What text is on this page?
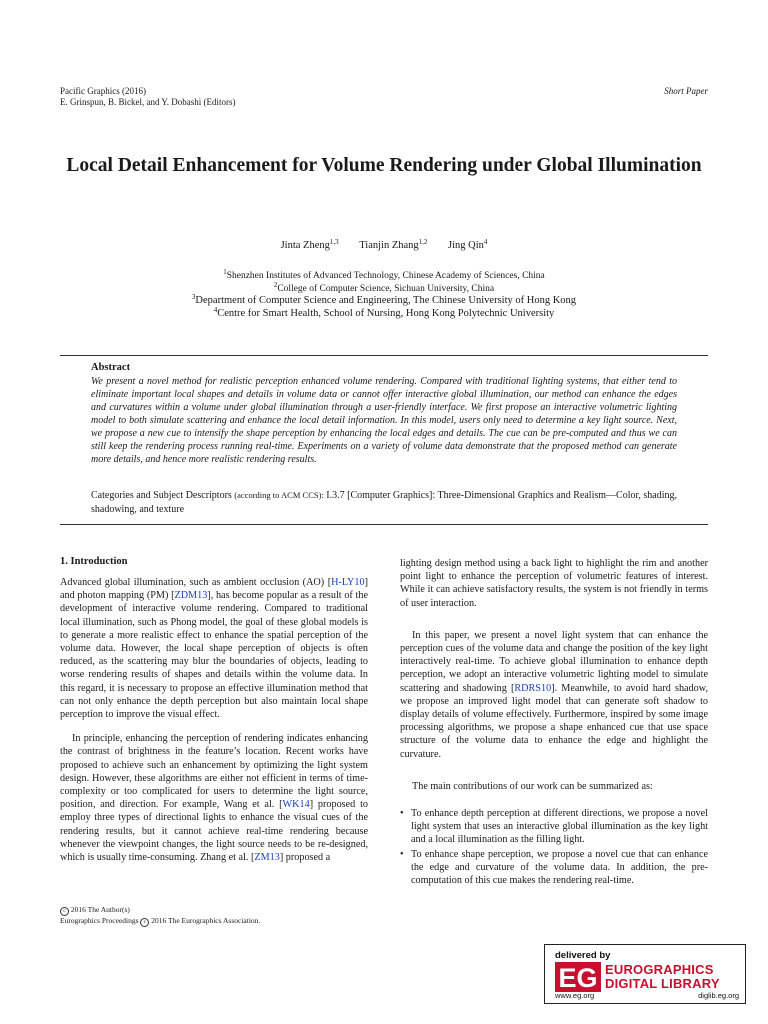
Pacific Graphics (2016)
E. Grinspun, B. Bickel, and Y. Dobashi (Editors)
Short Paper
Local Detail Enhancement for Volume Rendering under Global Illumination
Jinta Zheng$^{1,3}$ Tianjin Zhang$^{1,2}$ Jing Qin$^4$
$^1$Shenzhen Institutes of Advanced Technology, Chinese Academy of Sciences, China
$^2$College of Computer Science, Sichuan University, China
$^3$Department of Computer Science and Engineering, The Chinese University of Hong Kong
$^4$Centre for Smart Health, School of Nursing, Hong Kong Polytechnic University
Abstract
We present a novel method for realistic perception enhanced volume rendering. Compared with traditional lighting systems, that either tend to eliminate important local shapes and details in volume data or cannot offer interactive global illumination, our method can enhance the edges and curvatures within a volume under global illumination through a user-friendly interface. We first propose an interactive volumetric lighting model to both simulate scattering and enhance the local detail information. In this model, users only need to determine a key light source. Next, we propose a new cue to intensify the shape perception by enhancing the local edges and details. The cue can be pre-computed and thus we can still keep the rendering process running real-time. Experiments on a variety of volume data demonstrate that the proposed method can generate more details, and hence more realistic rendering results.
Categories and Subject Descriptors (according to ACM CCS): I.3.7 [Computer Graphics]: Three-Dimensional Graphics and Realism—Color, shading, shadowing, and texture
1. Introduction

Advanced global illumination, such as ambient occlusion (AO) [H-LY10] and photon mapping (PM) [ZDM13], has become popular as a result of the development of interactive volume rendering. Compared to traditional local illumination, such as Phong model, the goal of these global models is to generate a more realistic effect to enhance the spatial perception of the volume data. However, the local shape perception of objects is often reduced, as the scattering may blur the boundaries of objects, leading to worse rendering results of shapes and details within the volume data. In this regard, it is necessary to propose an effective illumination method that can not only enhance the depth perception but also maintain local shape perception to improve the visual effect.

In principle, enhancing the perception of rendering indicates enhancing the contrast of brightness in the feature’s location. Recent works have proposed to achieve such an enhancement by optimizing the light system design. However, these algorithms are either not efficient in terms of time-complexity or too complicated for users to determine the light source, position, and direction. For example, Wang et al. [WK14] proposed to employ three types of directional lights to enhance the visual cues of the rendering results, but it cannot achieve real-time rendering because whenever the viewpoint changes, the light source needs to be re-designed, which is usually time-consuming. Zhang et al. [ZM13] proposed a

lighting design method using a back light to highlight the rim and another point light to enhance the perception of volumetric features of interest. While it can achieve satisfactory results, the system is not friendly in terms of user interaction.

In this paper, we present a novel light system that can enhance the perception cues of the volume data and change the position of the key light interactively real-time. To achieve global illumination to enhance depth perception, we adopt an interactive volumetric lighting model to simulate scattering and shadowing [RDRS10]. Meanwhile, to avoid hard shadow, we propose an improved light model that can generate soft shadow to display details of volume effectively. Furthermore, inspired by some image processing algorithms, we propose a shape enhanced cue that use space structure of the volume data to enhance the edge and highlight the curvature.

The main contributions of our work can be summarized as:

• To enhance depth perception at different directions, we propose a novel light system that uses an interactive global illumination as the key light and a local illumination as the filling light.
• To enhance shape perception, we propose a novel cue that can enhance the edge and curvature of the volume data. In addition, the pre-computation of this cue makes the rendering real-time.
c 2016 The Author(s)
Eurographics Proceedings c 2016 The Eurographics Association.
delivered by
EG EUROGRAPHICS
DIGITAL LIBRARY
www.eg.org	diglib.eg.org
